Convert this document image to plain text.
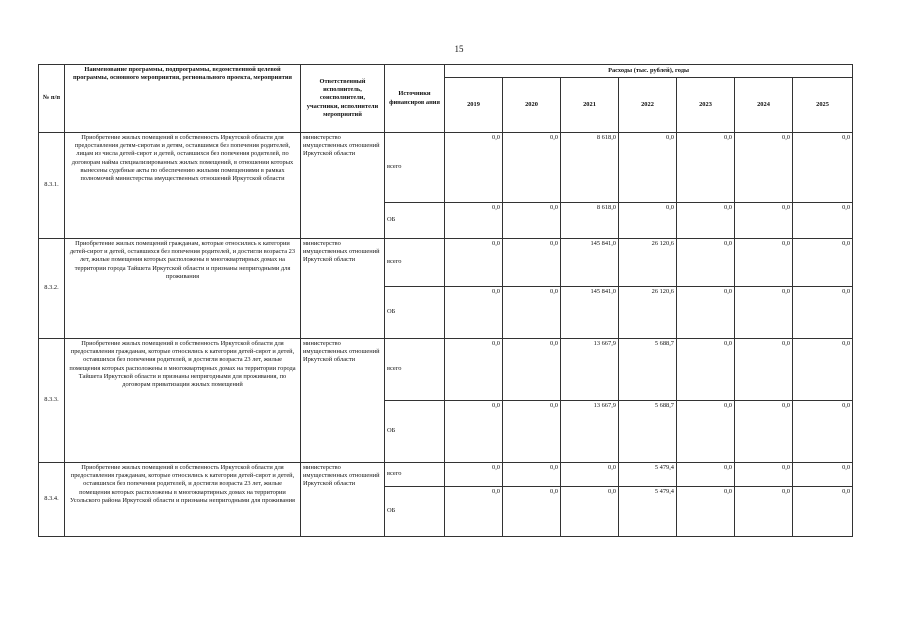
15
№ п/п	Наименование программы, подпрограммы, ведомственной целевой программы, основного мероприятия, регионального проекта, мероприятия	Ответственный исполнитель, соисполнители, участники, исполнители мероприятий	Источники финансиров ания	Расходы (тыс. рублей), годы						
				2019	2020	2021	2022	2023	2024	2025
8.3.1.	Приобретение жилых помещений в собственность Иркутской области для предоставления детям-сиротам и детям, оставшимся без попечения родителей, лицам из числа детей-сирот и детей, оставшихся без попечения родителей, по договорам найма специализированных жилых помещений, в отношении которых вынесены судебные акты по обеспечению жилыми помещениями в рамках полномочий министерства имущественных отношений Иркутской области	министерство имущественных отношений Иркутской области	всего	0,0	0,0	8 618,0	0,0	0,0	0,0	0,0
			ОБ	0,0	0,0	8 618,0	0,0	0,0	0,0	0,0
8.3.2.	Приобретение жилых помещений гражданам, которые относились к категории детей-сирот и детей, оставшихся без попечения родителей, и достигли возраста 23 лет, жилые помещения которых расположены в многоквартирных домах на территории города Тайшета Иркутской области и признаны непригодными для проживания	министерство имущественных отношений Иркутской области	всего	0,0	0,0	145 841,0	26 120,6	0,0	0,0	0,0
			ОБ	0,0	0,0	145 841,0	26 120,6	0,0	0,0	0,0
8.3.3.	Приобретение жилых помещений в собственность Иркутской области для предоставления гражданам, которые относились к категории детей-сирот и детей, оставшихся без попечения родителей, и достигли возраста 23 лет, жилые помещения которых расположены в многоквартирных домах на территории города Тайшета Иркутской области и признаны непригодными для проживания, по договорам приватизации жилых помещений	министерство имущественных отношений Иркутской области	всего	0,0	0,0	13 667,9	5 688,7	0,0	0,0	0,0
			ОБ	0,0	0,0	13 667,9	5 688,7	0,0	0,0	0,0
8.3.4.	Приобретение жилых помещений в собственность Иркутской области для предоставления гражданам, которые относились к категории детей-сирот и детей, оставшихся без попечения родителей, и достигли возраста 23 лет, жилые помещения которых расположены в многоквартирных домах на территории Усольского района Иркутской области и признаны непригодными для проживания	министерство имущественных отношений Иркутской области	всего	0,0	0,0	0,0	5 479,4	0,0	0,0	0,0
			ОБ	0,0	0,0	0,0	5 479,4	0,0	0,0	0,0
